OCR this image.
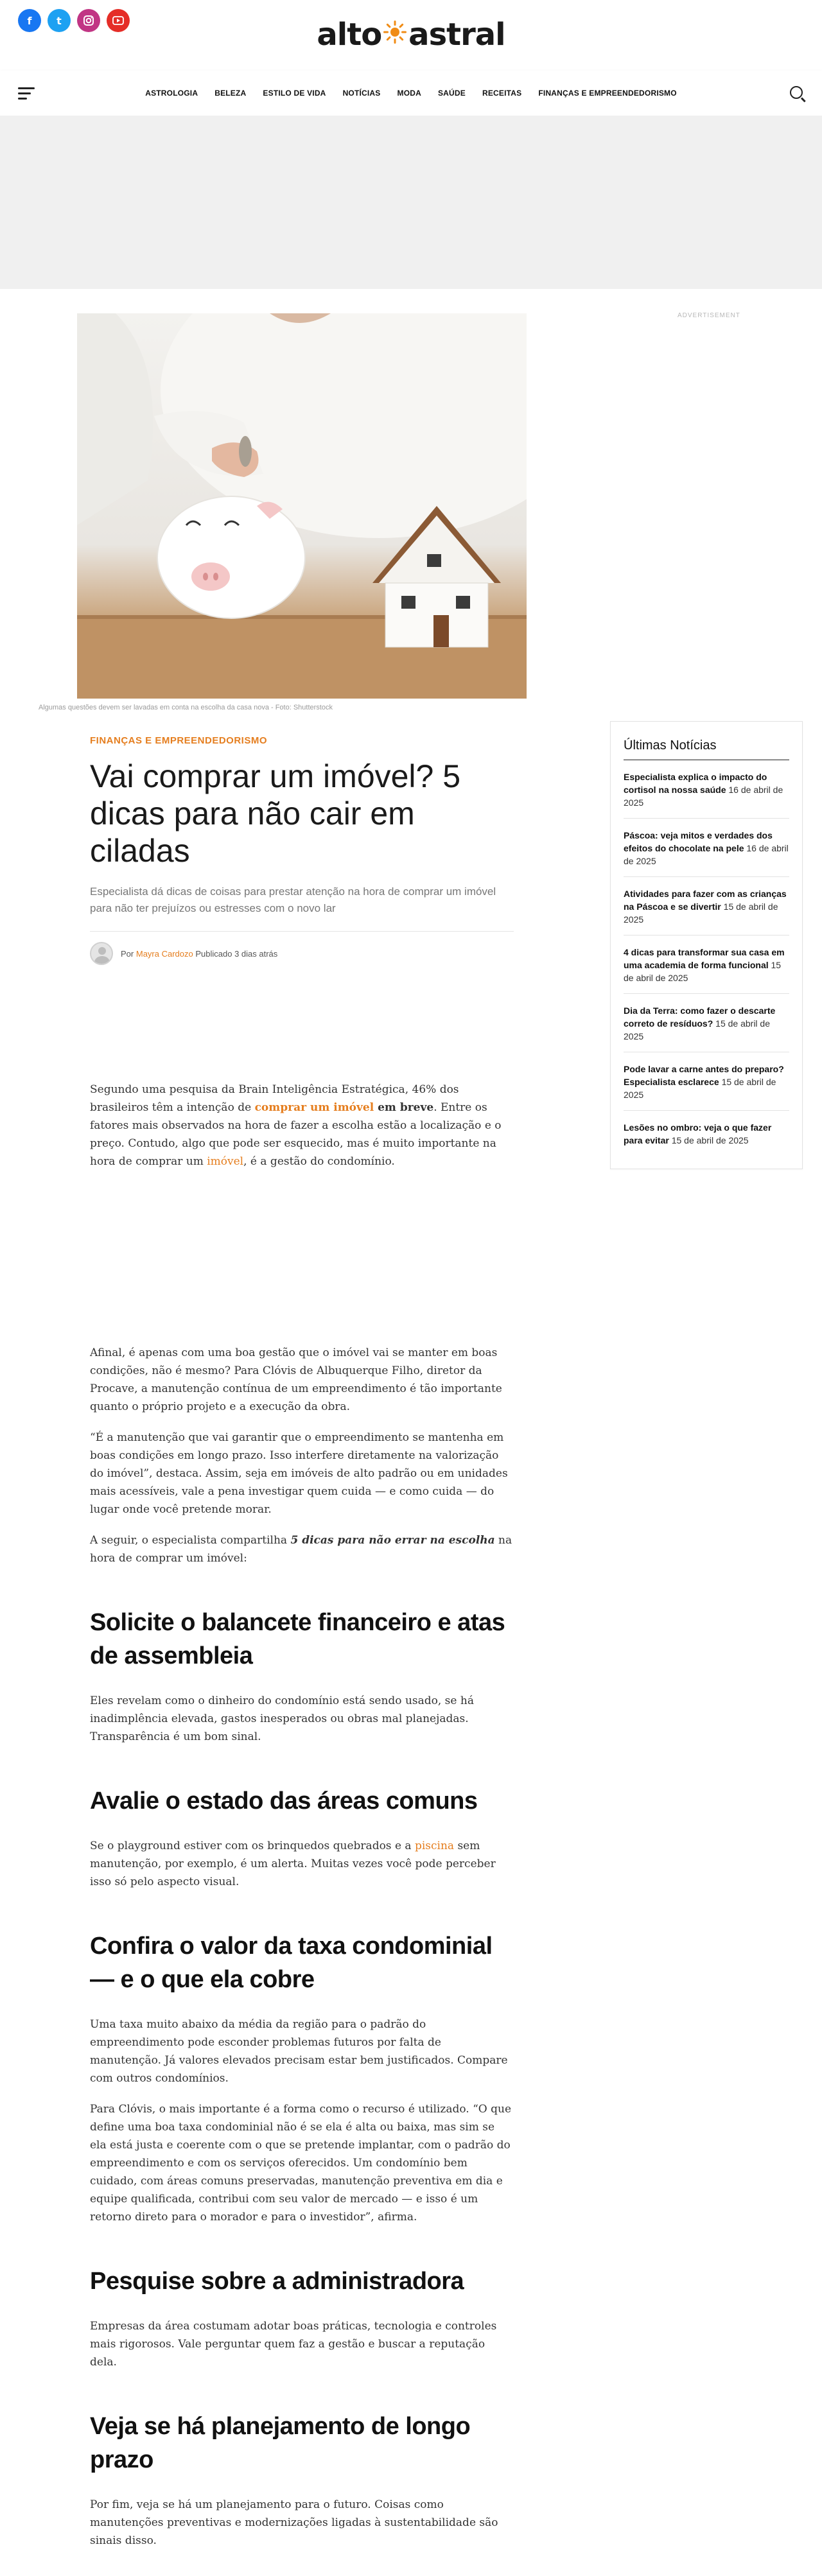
f	t	alto astral
ASTROLOGIA BELEZA ESTILO DE VIDA NOTÍCIAS MODA SAÚDE RECEITAS FINANÇAS E EMPREENDEDORISMO
Algumas questões devem ser lavadas em conta na escolha da casa nova - Foto: Shutterstock
ADVERTISEMENT
Últimas Notícias
Especialista explica o impacto do cortisol na nossa saúde 16 de abril de 2025
Páscoa: veja mitos e verdades dos efeitos do chocolate na pele 16 de abril de 2025
Atividades para fazer com as crianças na Páscoa e se divertir 15 de abril de 2025
4 dicas para transformar sua casa em uma academia de forma funcional 15 de abril de 2025
Dia da Terra: como fazer o descarte correto de resíduos? 15 de abril de 2025
Pode lavar a carne antes do preparo? Especialista esclarece 15 de abril de 2025
Lesões no ombro: veja o que fazer para evitar 15 de abril de 2025
FINANÇAS E EMPREENDEDORISMO
Vai comprar um imóvel? 5 dicas para não cair em ciladas

Especialista dá dicas de coisas para prestar atenção na hora de comprar um imóvel para não ter prejuízos ou estresses com o novo lar

Por Mayra Cardozo Publicado 3 dias atrás

Segundo uma pesquisa da Brain Inteligência Estratégica, 46% dos brasileiros têm a intenção de comprar um imóvel em breve. Entre os fatores mais observados na hora de fazer a escolha estão a localização e o preço. Contudo, algo que pode ser esquecido, mas é muito importante na hora de comprar um imóvel, é a gestão do condomínio.

Afinal, é apenas com uma boa gestão que o imóvel vai se manter em boas condições, não é mesmo? Para Clóvis de Albuquerque Filho, diretor da Procave, a manutenção contínua de um empreendimento é tão importante quanto o próprio projeto e a execução da obra.

“É a manutenção que vai garantir que o empreendimento se mantenha em boas condições em longo prazo. Isso interfere diretamente na valorização do imóvel”, destaca. Assim, seja em imóveis de alto padrão ou em unidades mais acessíveis, vale a pena investigar quem cuida — e como cuida — do lugar onde você pretende morar.

A seguir, o especialista compartilha 5 dicas para não errar na escolha na hora de comprar um imóvel:

Solicite o balancete financeiro e atas de assembleia

Eles revelam como o dinheiro do condomínio está sendo usado, se há inadimplência elevada, gastos inesperados ou obras mal planejadas. Transparência é um bom sinal.

Avalie o estado das áreas comuns

Se o playground estiver com os brinquedos quebrados e a piscina sem manutenção, por exemplo, é um alerta. Muitas vezes você pode perceber isso só pelo aspecto visual.

Confira o valor da taxa condominial — e o que ela cobre

Uma taxa muito abaixo da média da região para o padrão do empreendimento pode esconder problemas futuros por falta de manutenção. Já valores elevados precisam estar bem justificados. Compare com outros condomínios.

Para Clóvis, o mais importante é a forma como o recurso é utilizado. “O que define uma boa taxa condominial não é se ela é alta ou baixa, mas sim se ela está justa e coerente com o que se pretende implantar, com o padrão do empreendimento e com os serviços oferecidos. Um condomínio bem cuidado, com áreas comuns preservadas, manutenção preventiva em dia e equipe qualificada, contribui com seu valor de mercado — e isso é um retorno direto para o morador e para o investidor”, afirma.

Pesquise sobre a administradora

Empresas da área costumam adotar boas práticas, tecnologia e controles mais rigorosos. Vale perguntar quem faz a gestão e buscar a reputação dela.

Veja se há planejamento de longo prazo

Por fim, veja se há um planejamento para o futuro. Coisas como manutenções preventivas e modernizações ligadas à sustentabilidade são sinais disso.
